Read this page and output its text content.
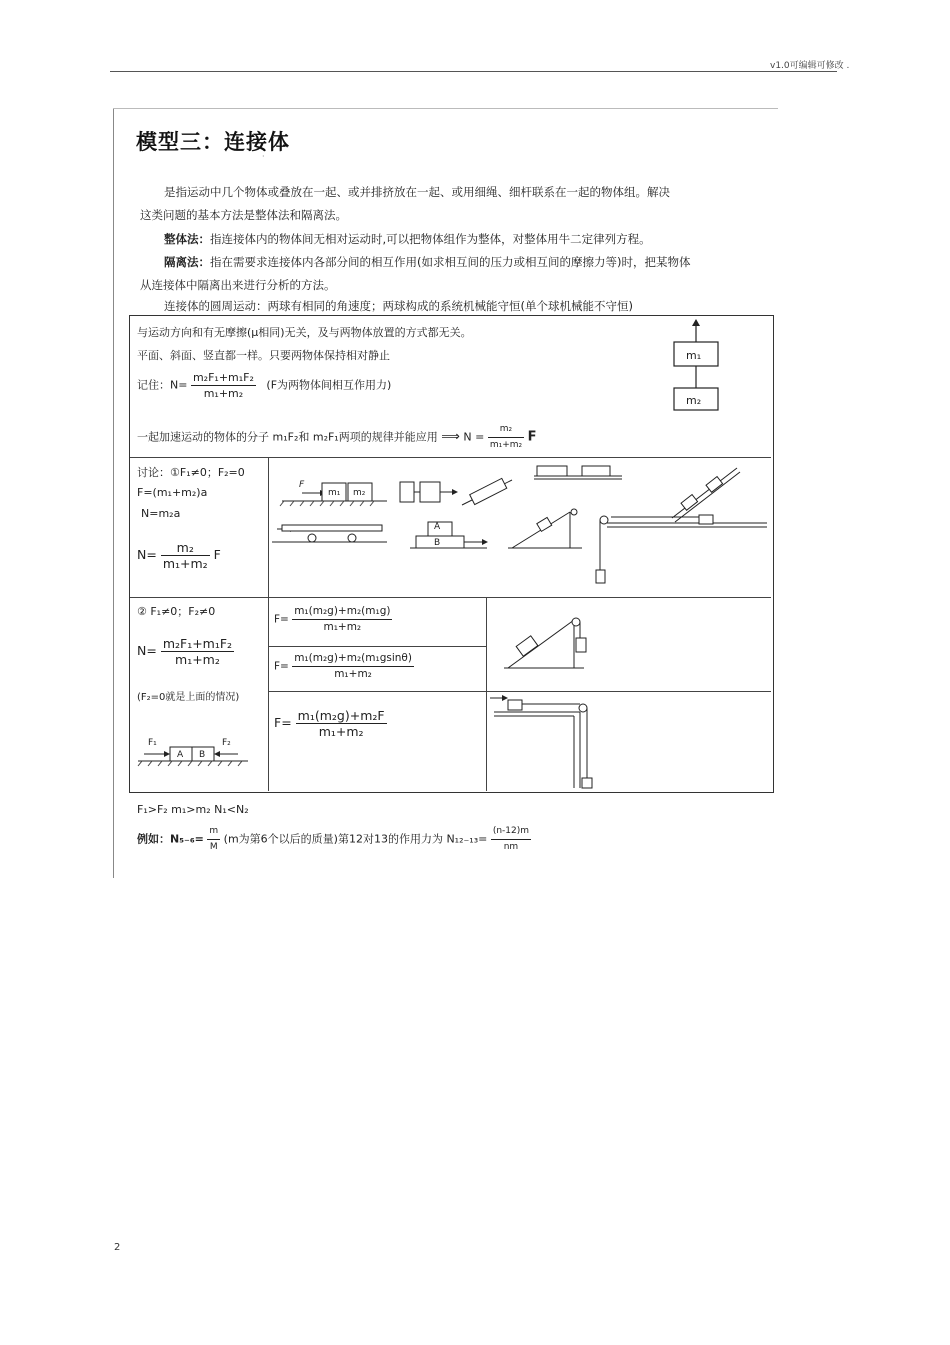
v1.0可编辑可修改 .
模型三：连接体
·
是指运动中几个物体或叠放在一起、或并排挤放在一起、或用细绳、细杆联系在一起的物体组。解决
这类问题的基本方法是整体法和隔离法。
整体法：指连接体内的物体间无相对运动时,可以把物体组作为整体，对整体用牛二定律列方程。
隔离法：指在需要求连接体内各部分间的相互作用(如求相互间的压力或相互间的摩擦力等)时，把某物体
从连接体中隔离出来进行分析的方法。
连接体的圆周运动：两球有相同的角速度；两球构成的系统机械能守恒(单个球机械能不守恒)
与运动方向和有无摩擦(μ相同)无关，及与两物体放置的方式都无关。
平面、斜面、竖直都一样。只要两物体保持相对静止
记住：$N= \frac{\text{m₂F₁+m₁F₂}}{\text{m₁+m₂}} (F$为两物体间相互作用力)
一起加速运动的物体的分子 m₁F₂和 m₂F₁两项的规律并能应用 ⟹ $N = \frac{\text{m₂}}{\text{m₁+m₂}}$ F
m₁
m₂
讨论：①F₁≠0；F₂=0
F=(m₁+m₂)a
N=m₂a
$N= \frac{\text{m₂}}{\text{m₁+m₂}}$ F
F
m₁ m₂
A
B
② F₁≠0；F₂≠0
$N= \frac{\text{m₂F₁+m₁F₂}}{\text{m₁+m₂}}$
(F₂=0就是上面的情况)
F₁	F₂
A B
$F= \frac{\text{m₁(m₂g)+m₂(m₁g)}}{\text{m₁+m₂}}$
$F= \frac{\text{m₁(m₂g)+m₂(m₁gsinθ)}}{\text{m₁+m₂}}$
$F= \frac{\text{m₁(m₂g)+m₂F}}{\text{m₁+m₂}}$
F₁>F₂ m₁>m₂ N₁<N₂
例如：$N_{5-6}= \frac{m}{M} (m$为第6个以后的质量)第12对13的作用力为 $N_{12-13}= \frac{(n-12)m}{nm}$
2
